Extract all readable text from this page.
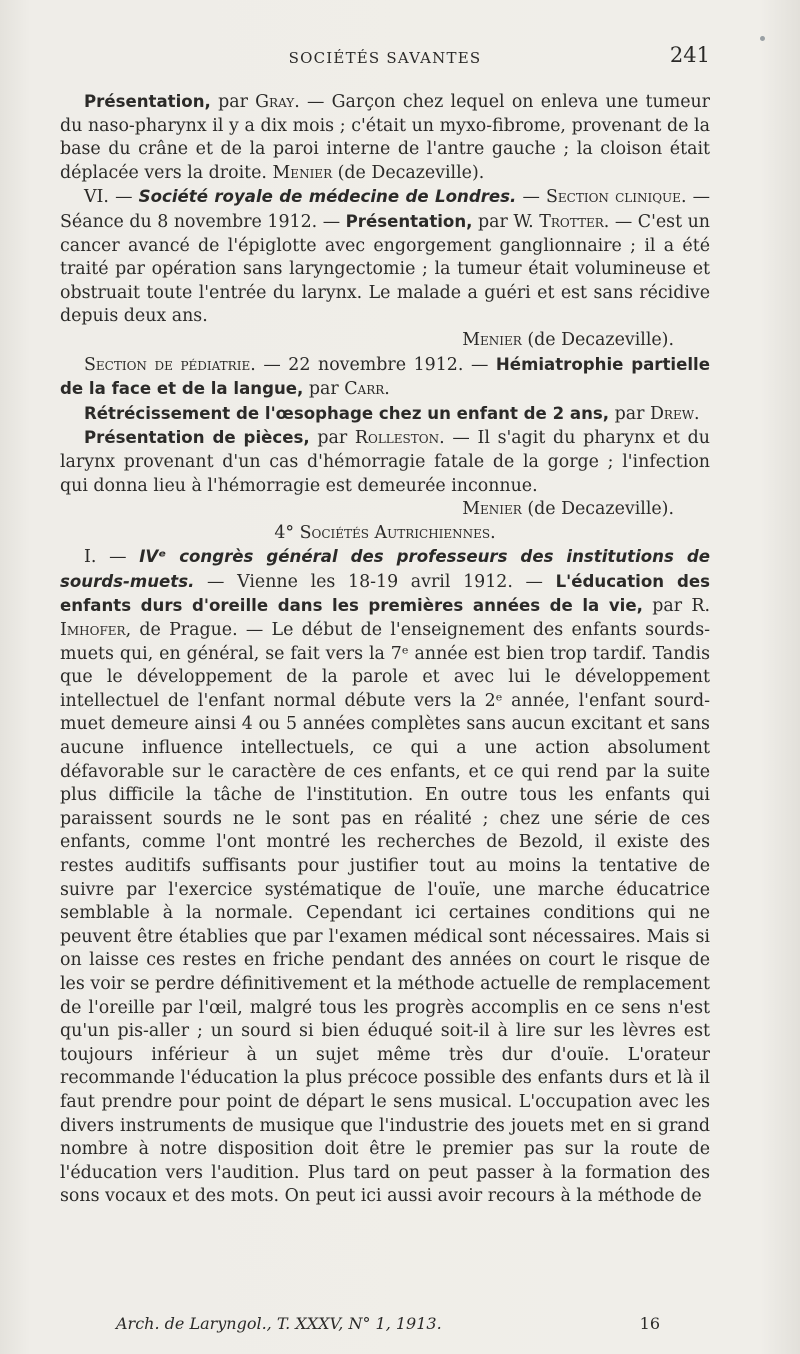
SOCIÉTÉS SAVANTES	241

Présentation, par Gray. — Garçon chez lequel on enleva une tumeur du naso-pharynx il y a dix mois ; c'était un myxo-fibrome, provenant de la base du crâne et de la paroi interne de l'antre gauche ; la cloison était déplacée vers la droite. Menier (de Decazeville).

VI. — Société royale de médecine de Londres. — Section clinique. — Séance du 8 novembre 1912. — Présentation, par W. Trotter. — C'est un cancer avancé de l'épiglotte avec engorgement ganglionnaire ; il a été traité par opération sans laryngectomie ; la tumeur était volumineuse et obstruait toute l'entrée du larynx. Le malade a guéri et est sans récidive depuis deux ans.

Menier (de Decazeville).

Section de pédiatrie. — 22 novembre 1912. — Hémiatrophie partielle de la face et de la langue, par Carr.

Rétrécissement de l'œsophage chez un enfant de 2 ans, par Drew.

Présentation de pièces, par Rolleston. — Il s'agit du pharynx et du larynx provenant d'un cas d'hémorragie fatale de la gorge ; l'infection qui donna lieu à l'hémorragie est demeurée inconnue.

Menier (de Decazeville).

4° Sociétés Autrichiennes.

I. — IVᵉ congrès général des professeurs des institutions de sourds-muets. — Vienne les 18-19 avril 1912. — L'éducation des enfants durs d'oreille dans les premières années de la vie, par R. Imhofer, de Prague. — Le début de l'enseignement des enfants sourds-muets qui, en général, se fait vers la 7ᵉ année est bien trop tardif. Tandis que le développement de la parole et avec lui le développement intellectuel de l'enfant normal débute vers la 2ᵉ année, l'enfant sourd-muet demeure ainsi 4 ou 5 années complètes sans aucun excitant et sans aucune influence intellectuels, ce qui a une action absolument défavorable sur le caractère de ces enfants, et ce qui rend par la suite plus difficile la tâche de l'institution. En outre tous les enfants qui paraissent sourds ne le sont pas en réalité ; chez une série de ces enfants, comme l'ont montré les recherches de Bezold, il existe des restes auditifs suffisants pour justifier tout au moins la tentative de suivre par l'exercice systématique de l'ouïe, une marche éducatrice semblable à la normale. Cependant ici certaines conditions qui ne peuvent être établies que par l'examen médical sont nécessaires. Mais si on laisse ces restes en friche pendant des années on court le risque de les voir se perdre définitivement et la méthode actuelle de remplacement de l'oreille par l'œil, malgré tous les progrès accomplis en ce sens n'est qu'un pis-aller ; un sourd si bien éduqué soit-il à lire sur les lèvres est toujours inférieur à un sujet même très dur d'ouïe. L'orateur recommande l'éducation la plus précoce possible des enfants durs et là il faut prendre pour point de départ le sens musical. L'occupation avec les divers instruments de musique que l'industrie des jouets met en si grand nombre à notre disposition doit être le premier pas sur la route de l'éducation vers l'audition. Plus tard on peut passer à la formation des sons vocaux et des mots. On peut ici aussi avoir recours à la méthode de

Arch. de Laryngol., T. XXXV, N° 1, 1913.	16
